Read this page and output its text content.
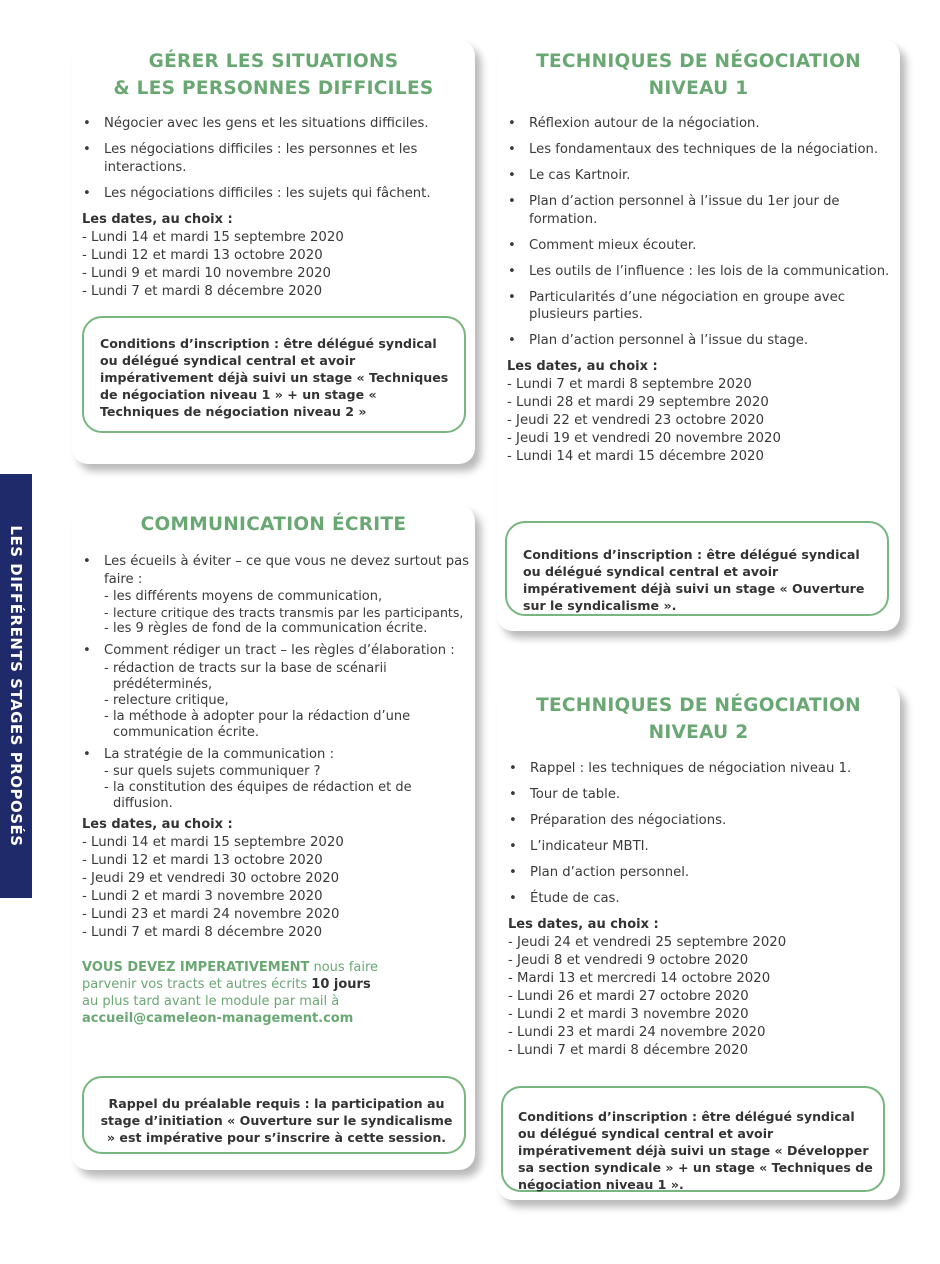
LES DIFFÉRENTS STAGES PROPOSÉS
GÉRER LES SITUATIONS
& LES PERSONNES DIFFICILES
• Négocier avec les gens et les situations difficiles.
• Les négociations difficiles : les personnes et les interactions.
• Les négociations difficiles : les sujets qui fâchent.
Les dates, au choix :
- Lundi 14 et mardi 15 septembre 2020
- Lundi 12 et mardi 13 octobre 2020
- Lundi 9 et mardi 10 novembre 2020
- Lundi 7 et mardi 8 décembre 2020
Conditions d’inscription : être délégué syndical ou délégué syndical central et avoir impérativement déjà suivi un stage « Techniques de négociation niveau 1 » + un stage « Techniques de négociation niveau 2 »
TECHNIQUES DE NÉGOCIATION
NIVEAU 1
• Réflexion autour de la négociation.
• Les fondamentaux des techniques de la négociation.
• Le cas Kartnoir.
• Plan d’action personnel à l’issue du 1er jour de formation.
• Comment mieux écouter.
• Les outils de l’influence : les lois de la communication.
• Particularités d’une négociation en groupe avec plusieurs parties.
• Plan d’action personnel à l’issue du stage.
Les dates, au choix :
- Lundi 7 et mardi 8 septembre 2020
- Lundi 28 et mardi 29 septembre 2020
- Jeudi 22 et vendredi 23 octobre 2020
- Jeudi 19 et vendredi 20 novembre 2020
- Lundi 14 et mardi 15 décembre 2020
Conditions d’inscription : être délégué syndical ou délégué syndical central et avoir impérativement déjà suivi un stage « Ouverture sur le syndicalisme ».
COMMUNICATION ÉCRITE
• Les écueils à éviter – ce que vous ne devez surtout pas faire :
- les différents moyens de communication,
- lecture critique des tracts transmis par les participants,
- les 9 règles de fond de la communication écrite.
• Comment rédiger un tract – les règles d’élaboration :
- rédaction de tracts sur la base de scénarii prédéterminés,
- relecture critique,
- la méthode à adopter pour la rédaction d’une communication écrite.
• La stratégie de la communication :
- sur quels sujets communiquer ?
- la constitution des équipes de rédaction et de diffusion.
Les dates, au choix :
- Lundi 14 et mardi 15 septembre 2020
- Lundi 12 et mardi 13 octobre 2020
- Jeudi 29 et vendredi 30 octobre 2020
- Lundi 2 et mardi 3 novembre 2020
- Lundi 23 et mardi 24 novembre 2020
- Lundi 7 et mardi 8 décembre 2020
VOUS DEVEZ IMPERATIVEMENT nous faire parvenir vos tracts et autres écrits 10 jours au plus tard avant le module par mail à accueil@cameleon-management.com
Rappel du préalable requis : la participation au stage d’initiation « Ouverture sur le syndicalisme » est impérative pour s’inscrire à cette session.
TECHNIQUES DE NÉGOCIATION
NIVEAU 2
• Rappel : les techniques de négociation niveau 1.
• Tour de table.
• Préparation des négociations.
• L’indicateur MBTI.
• Plan d’action personnel.
• Étude de cas.
Les dates, au choix :
- Jeudi 24 et vendredi 25 septembre 2020
- Jeudi 8 et vendredi 9 octobre 2020
- Mardi 13 et mercredi 14 octobre 2020
- Lundi 26 et mardi 27 octobre 2020
- Lundi 2 et mardi 3 novembre 2020
- Lundi 23 et mardi 24 novembre 2020
- Lundi 7 et mardi 8 décembre 2020
Conditions d’inscription : être délégué syndical ou délégué syndical central et avoir impérativement déjà suivi un stage « Développer sa section syndicale » + un stage « Techniques de négociation niveau 1 ».
